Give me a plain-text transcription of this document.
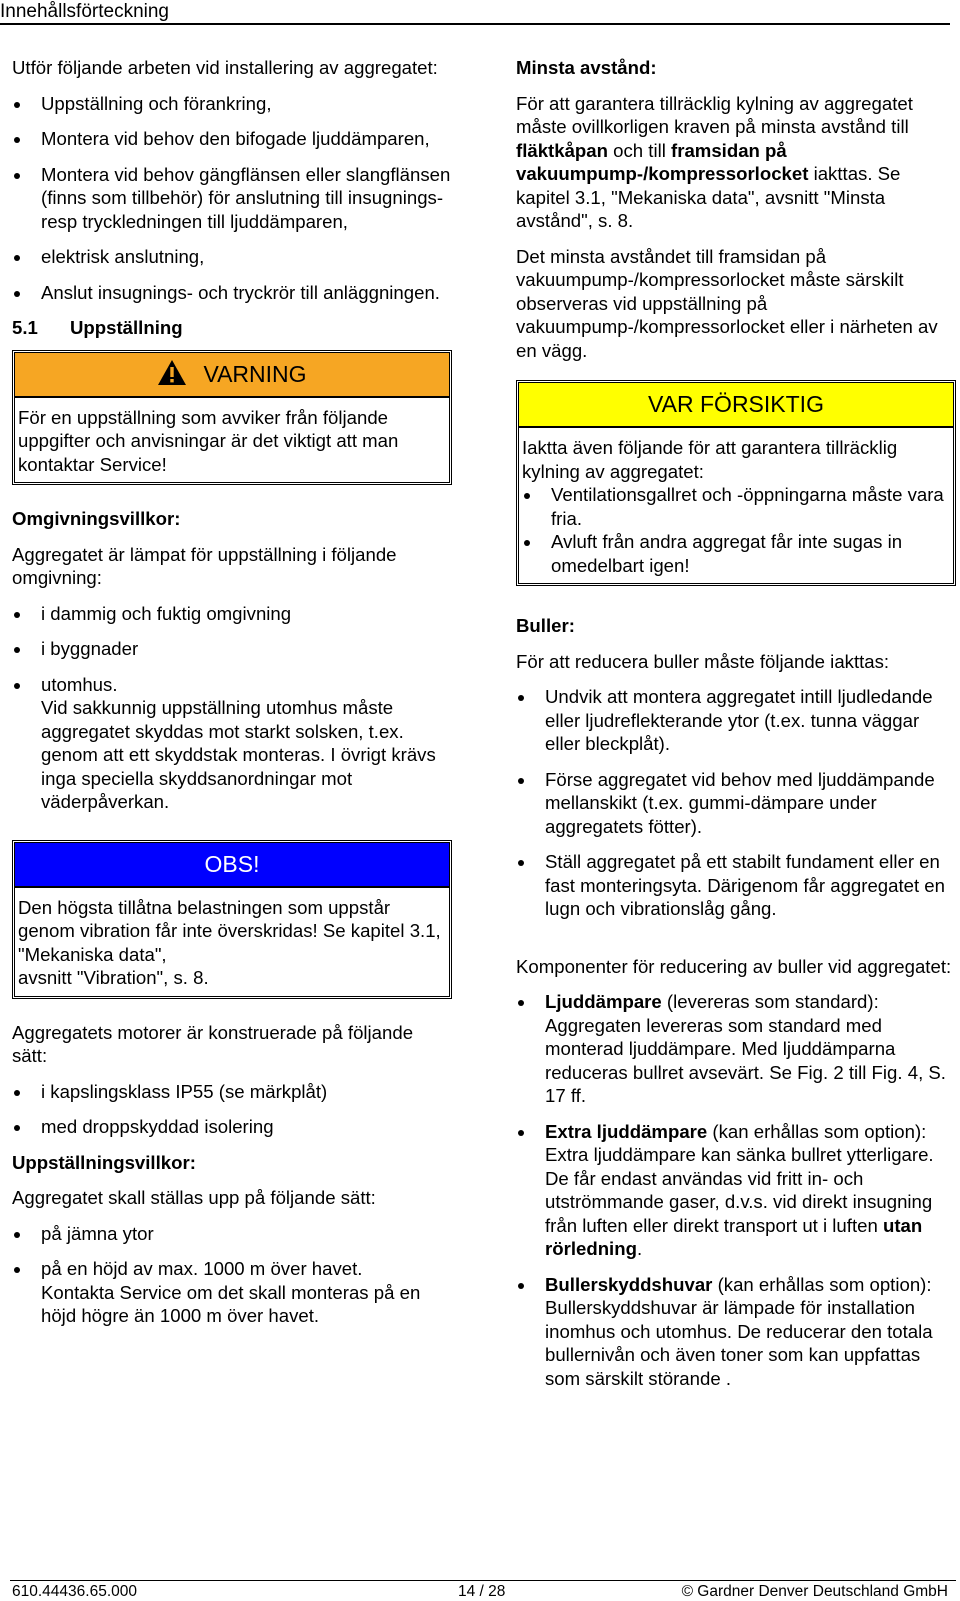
Innehållsförteckning

Utför följande arbeten vid installering av aggregatet:

Uppställning och förankring,
Montera vid behov den bifogade ljuddämparen,
Montera vid behov gängflänsen eller slangflänsen (finns som tillbehör) för anslutning till insugnings- resp tryckledningen till ljuddämparen,
elektrisk anslutning,
Anslut insugnings- och tryckrör till anläggningen.
5.1	Uppställning
VARNING
För en uppställning som avviker från följande uppgifter och anvisningar är det viktigt att man kontaktar Service!

Omgivningsvillkor:

Aggregatet är lämpat för uppställning i följande omgivning:

i dammig och fuktig omgivning
i byggnader
utomhus.
Vid sakkunnig uppställning utomhus måste aggregatet skyddas mot starkt solsken, t.ex. genom att ett skyddstak monteras. I övrigt krävs inga speciella skyddsanordningar mot väderpåverkan.
OBS!
Den högsta tillåtna belastningen som uppstår genom vibration får inte överskridas! Se kapitel 3.1, "Mekaniska data",
avsnitt "Vibration", s. 8.

Aggregatets motorer är konstruerade på följande sätt:

i kapslingsklass IP55 (se märkplåt)
med droppskyddad isolering

Uppställningsvillkor:

Aggregatet skall ställas upp på följande sätt:

på jämna ytor
på en höjd av max. 1000 m över havet.
Kontakta Service om det skall monteras på en höjd högre än 1000 m över havet.

Minsta avstånd:

För att garantera tillräcklig kylning av aggregatet måste ovillkorligen kraven på minsta avstånd till fläktkåpan och till framsidan på vakuumpump-/kompressorlocket iakttas. Se kapitel 3.1, "Mekaniska data", avsnitt "Minsta avstånd", s. 8.

Det minsta avståndet till framsidan på vakuumpump-/kompressorlocket måste särskilt observeras vid uppställning på vakuumpump-/kompressorlocket eller i närheten av en vägg.

VAR FÖRSIKTIG

Iaktta även följande för att garantera tillräcklig kylning av aggregatet:

Ventilationsgallret och -öppningarna måste vara fria.
Avluft från andra aggregat får inte sugas in omedelbart igen!

Buller:

För att reducera buller måste följande iakttas:

Undvik att montera aggregatet intill ljudledande eller ljudreflekterande ytor (t.ex. tunna väggar eller bleckplåt).
Förse aggregatet vid behov med ljuddämpande mellanskikt (t.ex. gummi-dämpare under aggregatets fötter).
Ställ aggregatet på ett stabilt fundament eller en fast monteringsyta. Därigenom får aggregatet en lugn och vibrationslåg gång.

Komponenter för reducering av buller vid aggregatet:

Ljuddämpare (levereras som standard):
Aggregaten levereras som standard med monterad ljuddämpare. Med ljuddämparna reduceras bullret avsevärt. Se Fig. 2 till Fig. 4, S. 17 ff.
Extra ljuddämpare (kan erhållas som option):
Extra ljuddämpare kan sänka bullret ytterligare. De får endast användas vid fritt in- och utströmmande gaser, d.v.s. vid direkt insugning från luften eller direkt transport ut i luften utan rörledning.
Bullerskyddshuvar (kan erhållas som option):
Bullerskyddshuvar är lämpade för installation inomhus och utomhus. De reducerar den totala bullernivån och även toner som kan uppfattas som särskilt störande .
610.44436.65.000	14 / 28	© Gardner Denver Deutschland GmbH
